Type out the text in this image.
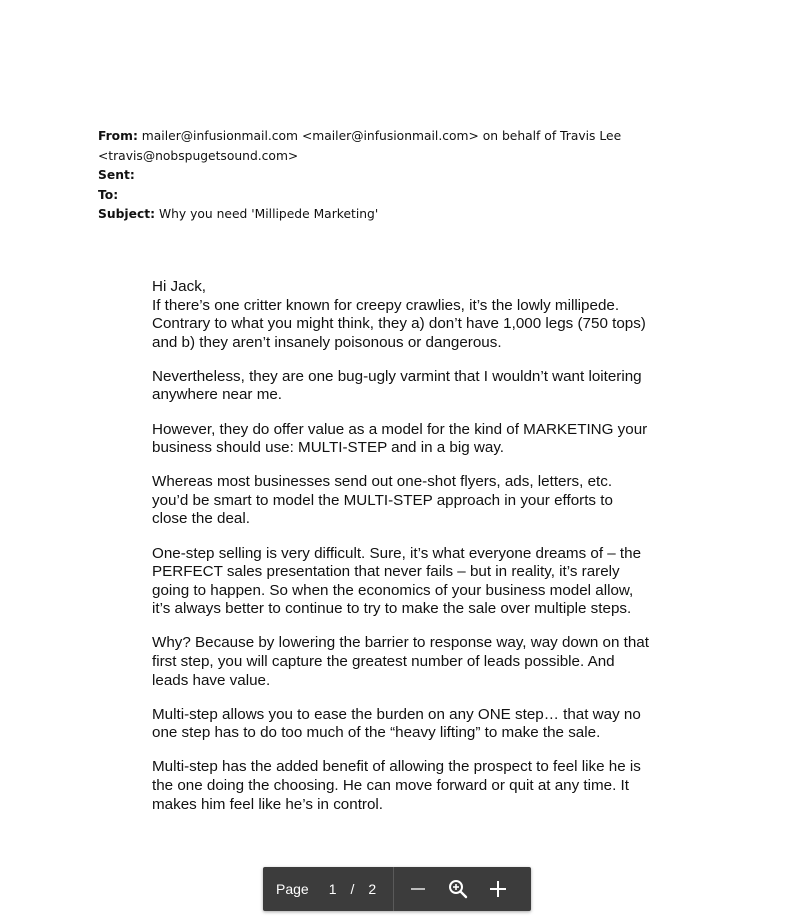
From: mailer@infusionmail.com <mailer@infusionmail.com> on behalf of Travis Lee
<travis@nobspugetsound.com>
Sent:
To:
Subject: Why you need 'Millipede Marketing'
Hi Jack,

If there’s one critter known for creepy crawlies, it’s the lowly millipede. Contrary to what you might think, they a) don’t have 1,000 legs (750 tops) and b) they aren’t insanely poisonous or dangerous.

Nevertheless, they are one bug-ugly varmint that I wouldn’t want loitering anywhere near me.

However, they do offer value as a model for the kind of MARKETING your business should use: MULTI-STEP and in a big way.

Whereas most businesses send out one-shot flyers, ads, letters, etc. you’d be smart to model the MULTI-STEP approach in your efforts to close the deal.

One-step selling is very difficult. Sure, it’s what everyone dreams of – the PERFECT sales presentation that never fails – but in reality, it’s rarely going to happen. So when the economics of your business model allow, it’s always better to continue to try to make the sale over multiple steps.

Why? Because by lowering the barrier to response way, way down on that first step, you will capture the greatest number of leads possible. And leads have value.

Multi-step allows you to ease the burden on any ONE step… that way no one step has to do too much of the “heavy lifting” to make the sale.

Multi-step has the added benefit of allowing the prospect to feel like he is the one doing the choosing. He can move forward or quit at any time. It makes him feel like he’s in control.

Page 1 / 2
